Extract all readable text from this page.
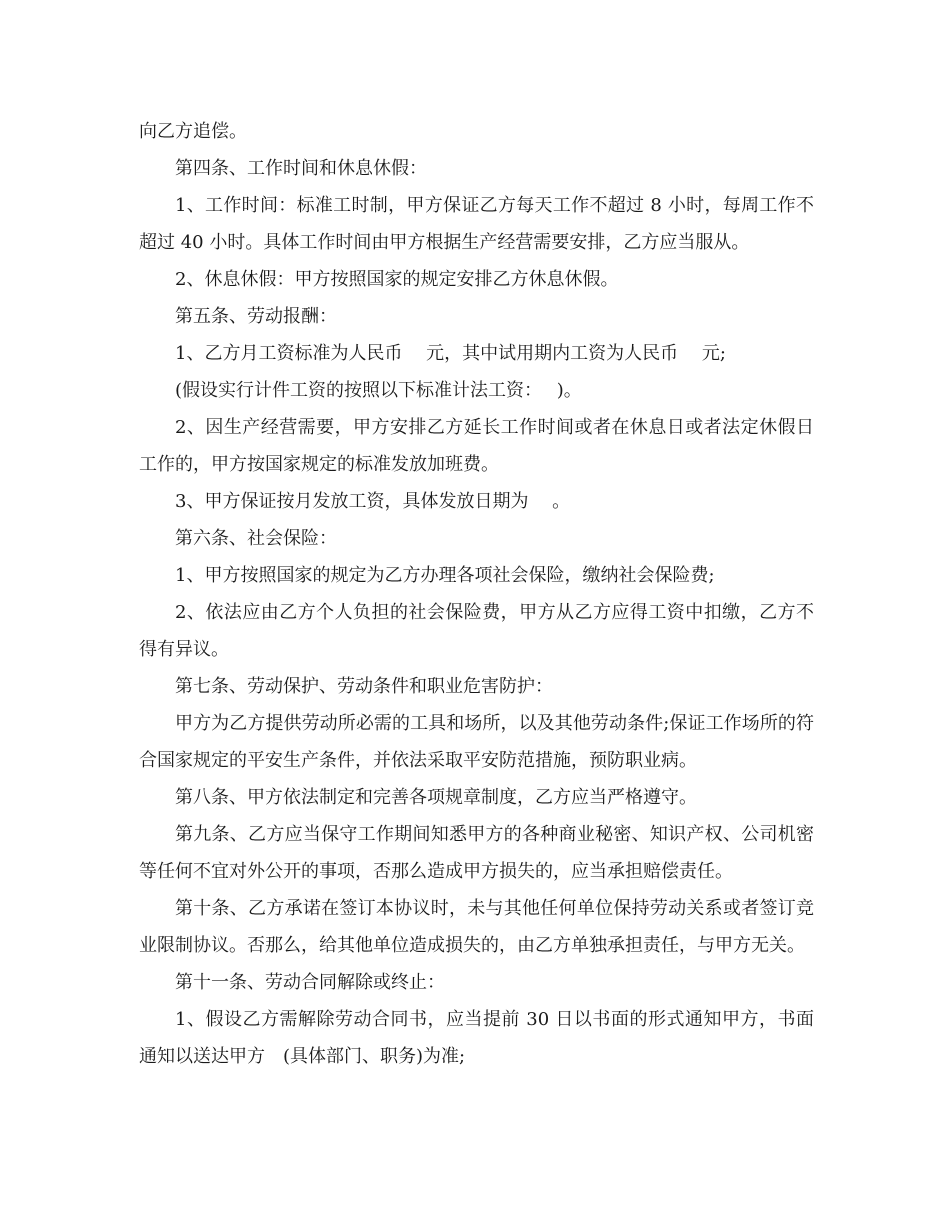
向乙方追偿。

第四条、工作时间和休息休假：

1、工作时间：标准工时制，甲方保证乙方每天工作不超过 8 小时，每周工作不超过 40 小时。具体工作时间由甲方根据生产经营需要安排，乙方应当服从。

2、休息休假：甲方按照国家的规定安排乙方休息休假。

第五条、劳动报酬：

1、乙方月工资标准为人民币　 元，其中试用期内工资为人民币　 元;

(假设实行计件工资的按照以下标准计法工资：　 )。

2、因生产经营需要，甲方安排乙方延长工作时间或者在休息日或者法定休假日工作的，甲方按国家规定的标准发放加班费。

3、甲方保证按月发放工资，具体发放日期为　 。

第六条、社会保险：

1、甲方按照国家的规定为乙方办理各项社会保险，缴纳社会保险费;

2、依法应由乙方个人负担的社会保险费，甲方从乙方应得工资中扣缴，乙方不得有异议。

第七条、劳动保护、劳动条件和职业危害防护：

甲方为乙方提供劳动所必需的工具和场所，以及其他劳动条件;保证工作场所的符合国家规定的平安生产条件，并依法采取平安防范措施，预防职业病。

第八条、甲方依法制定和完善各项规章制度，乙方应当严格遵守。

第九条、乙方应当保守工作期间知悉甲方的各种商业秘密、知识产权、公司机密等任何不宜对外公开的事项，否那么造成甲方损失的，应当承担赔偿责任。

第十条、乙方承诺在签订本协议时，未与其他任何单位保持劳动关系或者签订竞业限制协议。否那么，给其他单位造成损失的，由乙方单独承担责任，与甲方无关。

第十一条、劳动合同解除或终止：

1、假设乙方需解除劳动合同书，应当提前 30 日以书面的形式通知甲方，书面通知以送达甲方　(具体部门、职务)为准;
